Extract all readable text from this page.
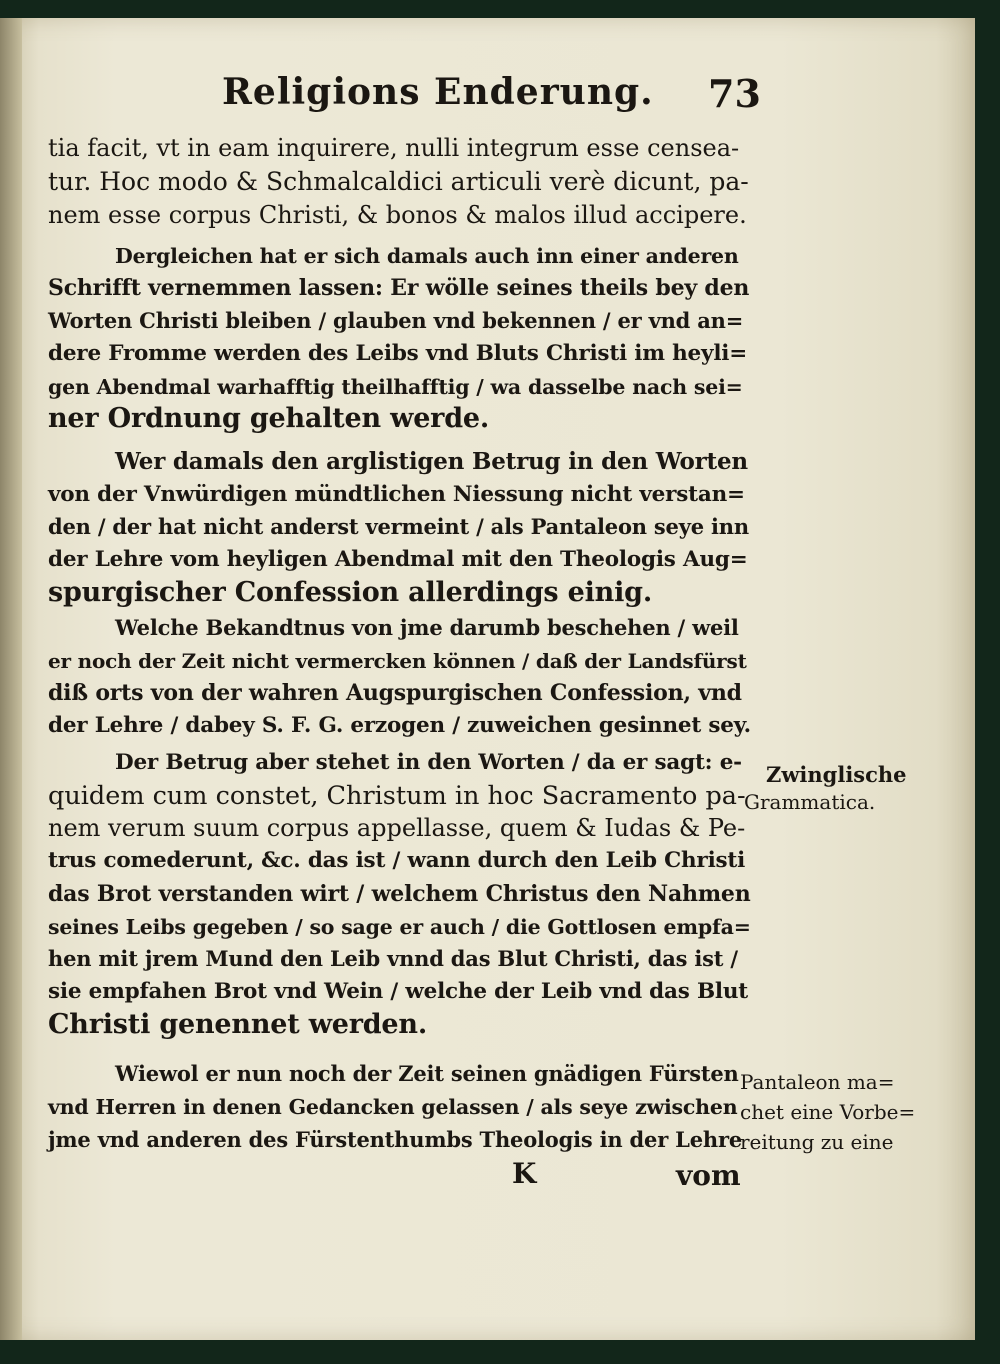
Religions Enderung. 73
tia facit, vt in eam inquirere, nulli integrum esse censea-
tur. Hoc modo & Schmalcaldici articuli verè dicunt, pa-
nem esse corpus Christi, & bonos & malos illud accipere.
Dergleichen hat er sich damals auch inn einer anderen
Schrifft vernemmen lassen: Er wölle seines theils bey den
Worten Christi bleiben / glauben vnd bekennen / er vnd an=
dere Fromme werden des Leibs vnd Bluts Christi im heyli=
gen Abendmal warhafftig theilhafftig / wa dasselbe nach sei=
ner Ordnung gehalten werde.
Wer damals den arglistigen Betrug in den Worten
von der Vnwürdigen mündtlichen Niessung nicht verstan=
den / der hat nicht anderst vermeint / als Pantaleon seye inn
der Lehre vom heyligen Abendmal mit den Theologis Aug=
spurgischer Confession allerdings einig.
Welche Bekandtnus von jme darumb beschehen / weil
er noch der Zeit nicht vermercken können / daß der Landsfürst
diß orts von der wahren Augspurgischen Confession, vnd
der Lehre / dabey S. F. G. erzogen / zuweichen gesinnet sey.
Der Betrug aber stehet in den Worten / da er sagt: e-
quidem cum constet, Christum in hoc Sacramento pa-
nem verum suum corpus appellasse, quem & Iudas & Pe-
trus comederunt, &c. das ist / wann durch den Leib Christi
das Brot verstanden wirt / welchem Christus den Nahmen
seines Leibs gegeben / so sage er auch / die Gottlosen empfa=
hen mit jrem Mund den Leib vnnd das Blut Christi, das ist /
sie empfahen Brot vnd Wein / welche der Leib vnd das Blut
Christi genennet werden.
Wiewol er nun noch der Zeit seinen gnädigen Fürsten
vnd Herren in denen Gedancken gelassen / als seye zwischen
jme vnd anderen des Fürstenthumbs Theologis in der Lehre
Zwinglische
Grammatica.
Pantaleon ma=
chet eine Vorbe=
reitung zu eine
K	vom
